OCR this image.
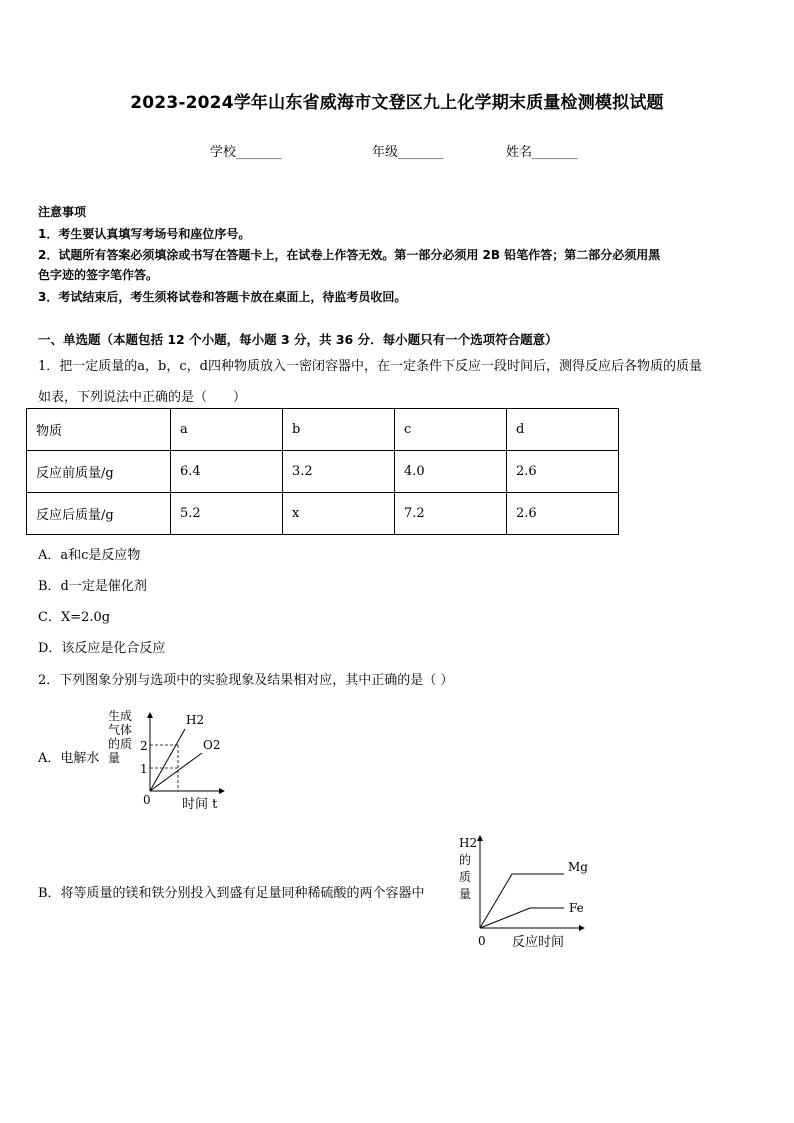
2023-2024学年山东省威海市文登区九上化学期末质量检测模拟试题
学校_______	年级_______	姓名_______
注意事项
1．考生要认真填写考场号和座位序号。
2．试题所有答案必须填涂或书写在答题卡上，在试卷上作答无效。第一部分必须用 2B 铅笔作答；第二部分必须用黑
色字迹的签字笔作答。
3．考试结束后，考生须将试卷和答题卡放在桌面上，待监考员收回。
一、单选题（本题包括 12 个小题，每小题 3 分，共 36 分．每小题只有一个选项符合题意）
1．把一定质量的a，b，c，d四种物质放入一密闭容器中，在一定条件下反应一段时间后，测得反应后各物质的质量
如表，下列说法中正确的是（　　）
物质	a	b	c	d
反应前质量/g	6.4	3.2	4.0	2.6
反应后质量/g	5.2	x	7.2	2.6
A．a和c是反应物
B．d一定是催化剂
C．X=2.0g
D．该反应是化合反应
2．下列图象分别与选项中的实验现象及结果相对应，其中正确的是（ ）
A．电解水
生成
气体
的质
量
2
1
H2
O2
0 时间 t
B．将等质量的镁和铁分别投入到盛有足量同种稀硫酸的两个容器中
H2
的
质
量
Mg
Fe
0 反应时间
